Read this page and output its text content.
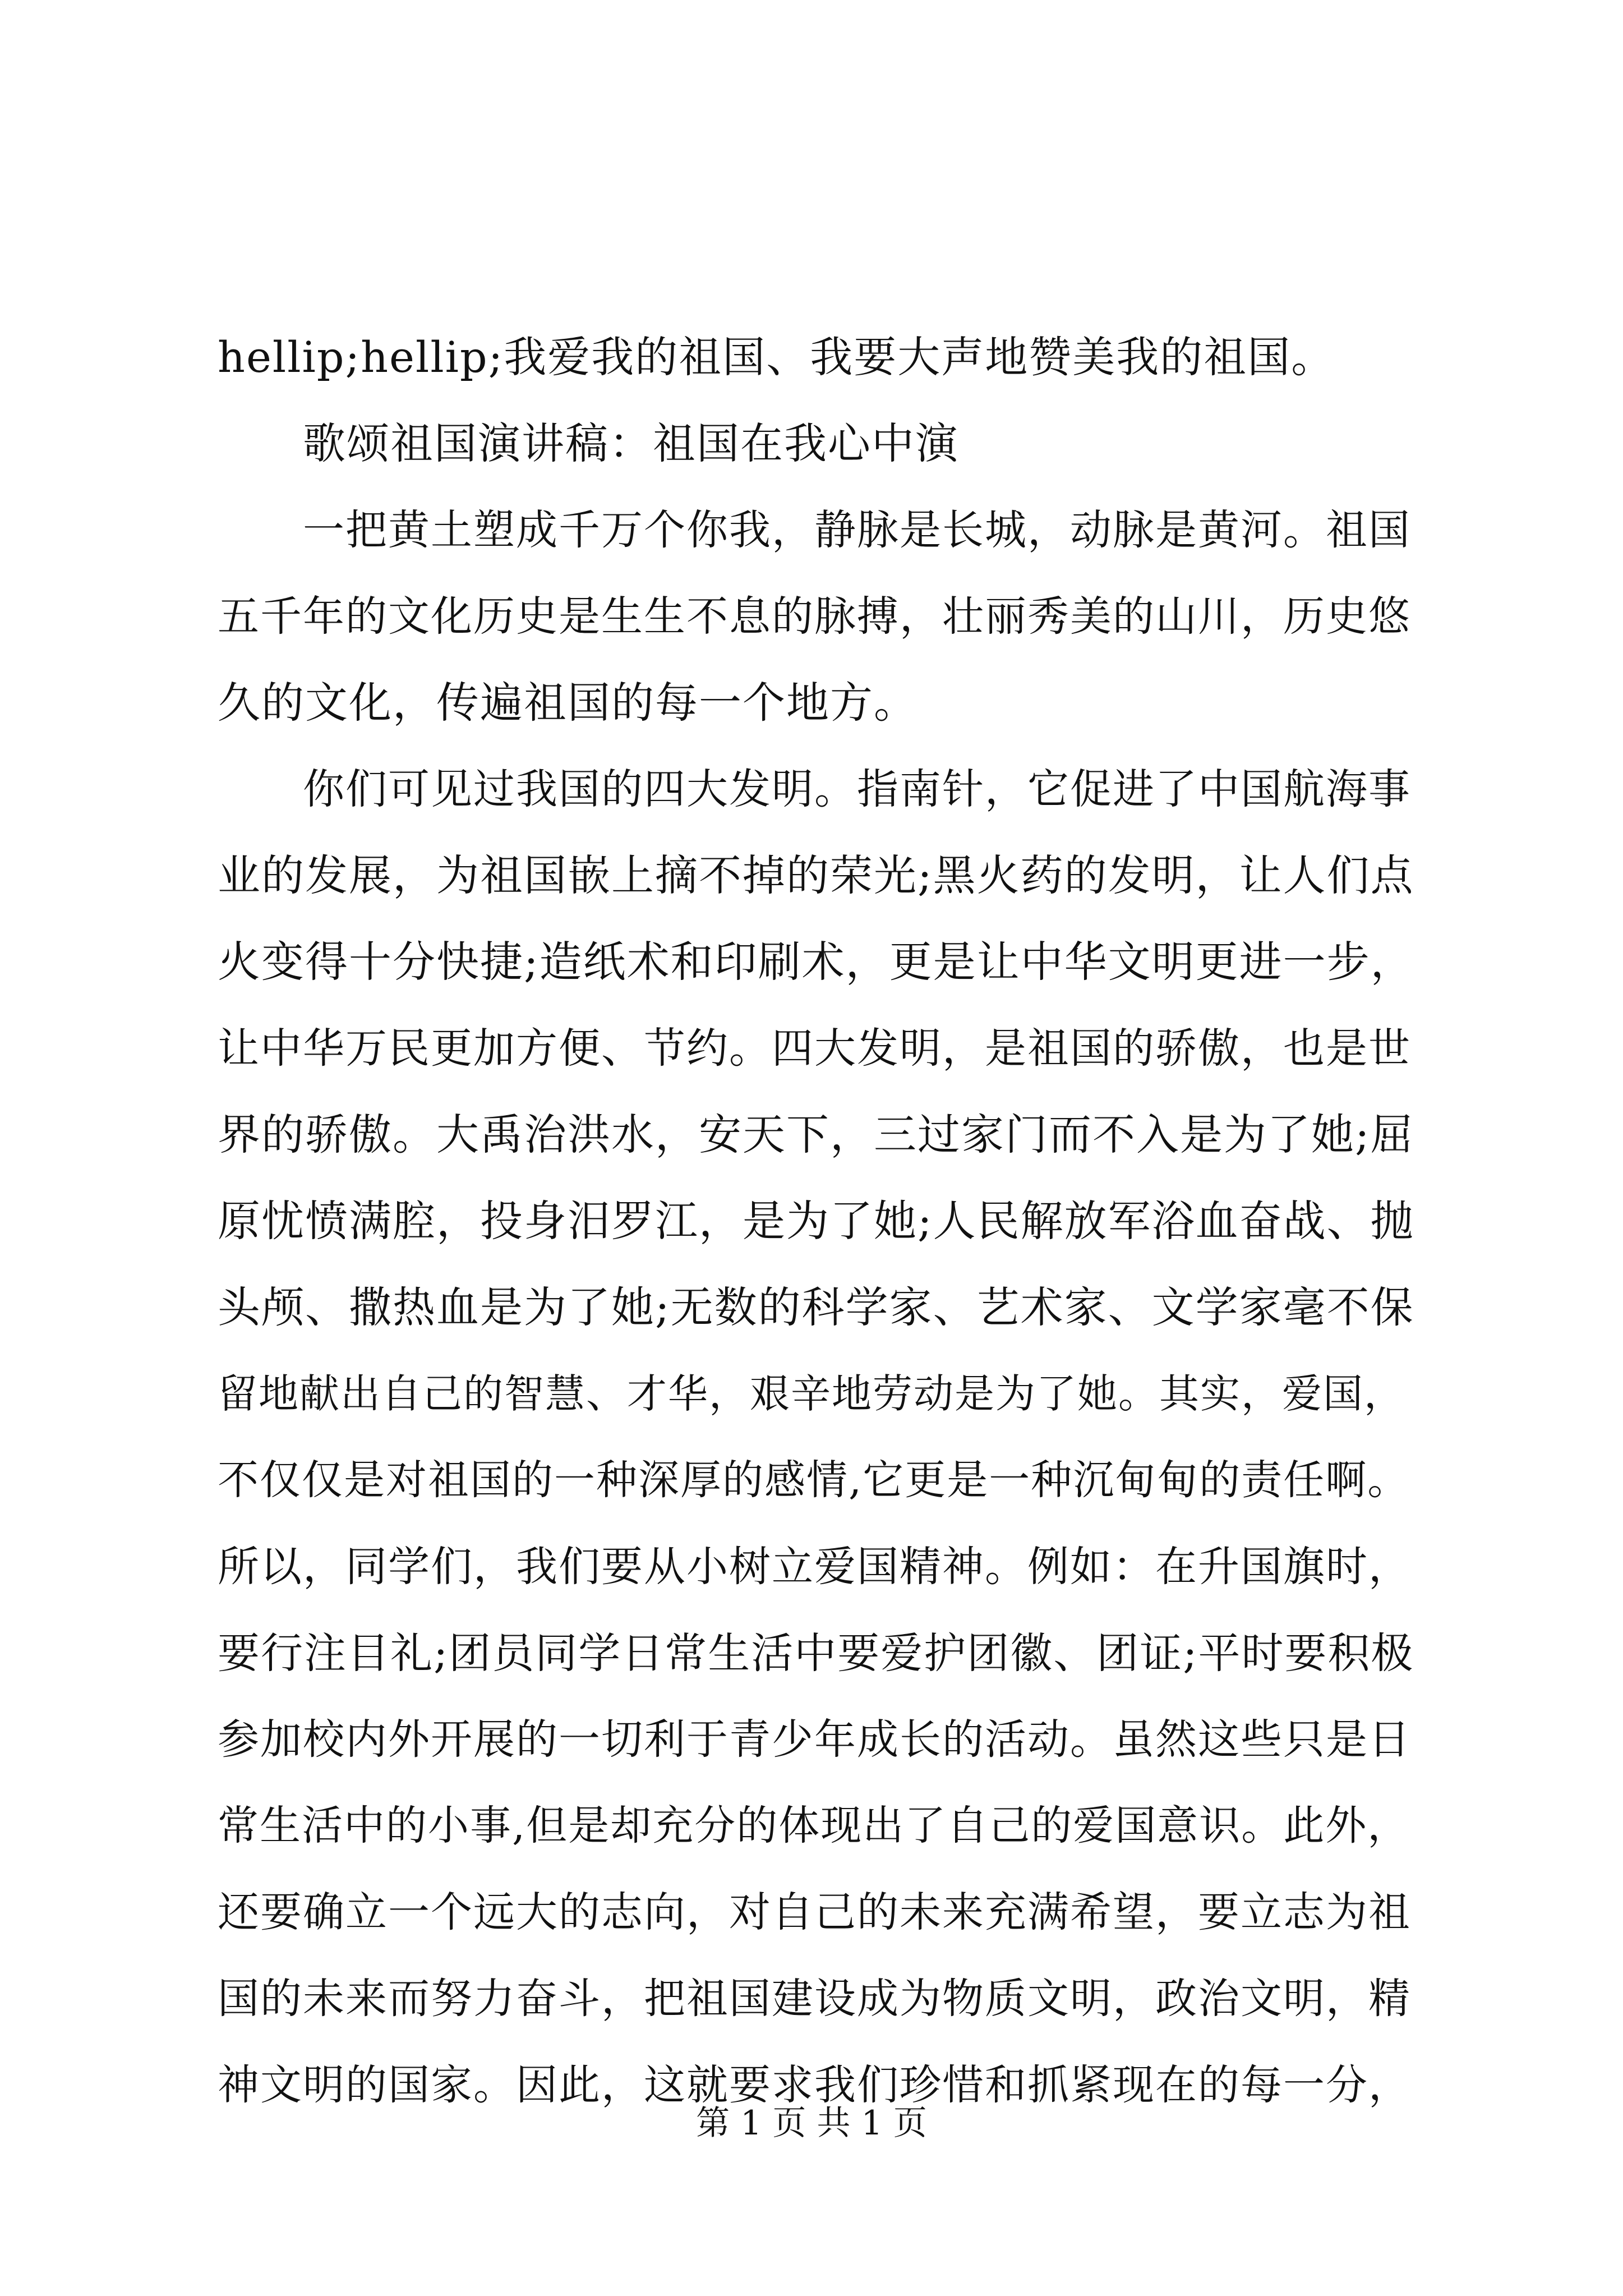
hellip;hellip;我爱我的祖国、我要大声地赞美我的祖国。
歌颂祖国演讲稿：祖国在我心中演
一把黄土塑成千万个你我，静脉是长城，动脉是黄河。祖国
五千年的文化历史是生生不息的脉搏，壮丽秀美的山川，历史悠
久的文化，传遍祖国的每一个地方。
你们可见过我国的四大发明。指南针，它促进了中国航海事
业的发展，为祖国嵌上摘不掉的荣光;黑火药的发明，让人们点
火变得十分快捷;造纸术和印刷术，更是让中华文明更进一步，
让中华万民更加方便、节约。四大发明，是祖国的骄傲，也是世
界的骄傲。大禹治洪水，安天下，三过家门而不入是为了她;屈
原忧愤满腔，投身汨罗江，是为了她;人民解放军浴血奋战、抛
头颅、撒热血是为了她;无数的科学家、艺术家、文学家毫不保
留地献出自己的智慧、才华，艰辛地劳动是为了她。其实，爱国，
不仅仅是对祖国的一种深厚的感情,它更是一种沉甸甸的责任啊。
所以，同学们，我们要从小树立爱国精神。例如：在升国旗时，
要行注目礼;团员同学日常生活中要爱护团徽、团证;平时要积极
参加校内外开展的一切利于青少年成长的活动。虽然这些只是日
常生活中的小事,但是却充分的体现出了自己的爱国意识。此外，
还要确立一个远大的志向，对自己的未来充满希望，要立志为祖
国的未来而努力奋斗，把祖国建设成为物质文明，政治文明，精
神文明的国家。因此，这就要求我们珍惜和抓紧现在的每一分，
第 1 页 共 1 页
